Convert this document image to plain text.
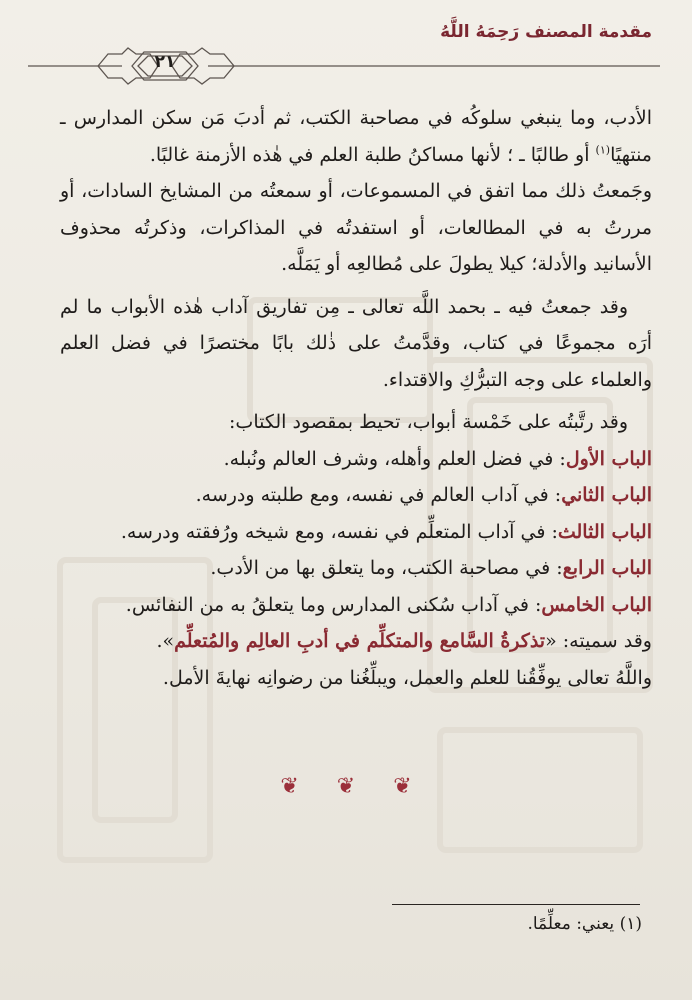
مقدمة المصنف رَحِمَهُ اللَّهُ
٢١

الأدب، وما ينبغي سلوكُه في مصاحبة الكتب، ثم أدبَ مَن سكن المدارس ـ منتهيًا$^{(١)}$ أو طالبًا ـ ؛ لأنها مساكنُ طلبة العلم في هٰذه الأزمنة غالبًا.

وجَمعتُ ذلك مما اتفق في المسموعات، أو سمعتُه من المشايخ السادات، أو مررتُ به في المطالعات، أو استفدتُه في المذاكرات، وذكرتُه محذوف الأسانيد والأدلة؛ كيلا يطولَ على مُطالعِه أو يَمَلَّه.

وقد جمعتُ فيه ـ بحمد اللَّه تعالى ـ مِن تفاريق آداب هٰذه الأبواب ما لم أرَه مجموعًا في كتاب، وقدَّمتُ على ذٰلك بابًا مختصرًا في فضل العلم والعلماء على وجه التبرُّكِ والاقتداء.

وقد رتَّبتُه على خَمْسة أبواب، تحيط بمقصود الكتاب:

الباب الأول: في فضل العلم وأهله، وشرف العالم ونُبله.

الباب الثاني: في آداب العالم في نفسه، ومع طلبته ودرسه.

الباب الثالث: في آداب المتعلِّم في نفسه، ومع شيخه ورُفقته ودرسه.

الباب الرابع: في مصاحبة الكتب، وما يتعلق بها من الأدب.

الباب الخامس: في آداب سُكنى المدارس وما يتعلقُ به من النفائس.

وقد سميته: «تذكرةُ السَّامع والمتكلِّم في أدبِ العالِم والمُتعلِّم».

واللَّهُ تعالى يوفِّقُنا للعلم والعمل، ويبلِّغُنا من رضوانِه نهايةَ الأمل.

❦❦❦
(١) يعني: معلِّمًا.
